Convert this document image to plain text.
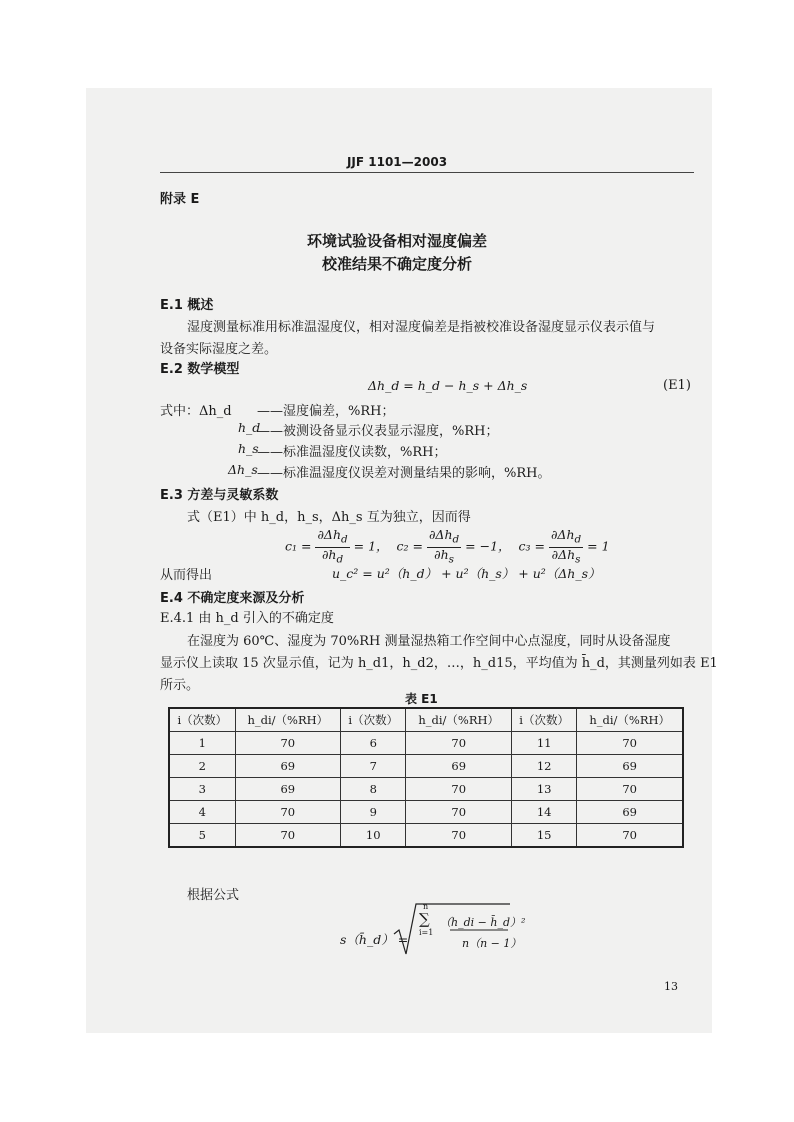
JJF 1101—2003
附录 E
环境试验设备相对湿度偏差
校准结果不确定度分析
E.1 概述
湿度测量标准用标准温湿度仪，相对湿度偏差是指被校准设备湿度显示仪表示值与
设备实际湿度之差。
E.2 数学模型
Δh_d = h_d − h_s + Δh_s	(E1)
式中：Δh_d ——湿度偏差，%RH；
h_d
——被测设备显示仪表显示湿度，%RH；
h_s
——标准温湿度仪读数，%RH；
Δh_s ——标准温湿度仪误差对测量结果的影响，%RH。
E.3 方差与灵敏系数
式（E1）中 h_d，h_s，Δh_s 互为独立，因而得
$c_1 = \frac{\partial\Delta h_d}{\partial h_d} = 1$， $c_2 = \frac{\partial\Delta h_d}{\partial h_s} = -1$， $c_3 = \frac{\partial\Delta h_d}{\partial\Delta h_s} = 1$
从而得出	u_c² = u²（h_d） + u²（h_s） + u²（Δh_s）
E.4 不确定度来源及分析
E.4.1 由 h_d 引入的不确定度
在湿度为 60℃、湿度为 70%RH 测量湿热箱工作空间中心点湿度，同时从设备湿度
显示仪上读取 15 次显示值，记为 h_d1，h_d2，…，h_d15，平均值为 h̄_d，其测量列如表 E1
所示。
表 E1
i（次数）	h_di/（%RH）	i（次数）	h_di/（%RH）	i（次数）	h_di/（%RH）
1	70	6	70	11	70
2	69	7	69	12	69
3	69	8	70	13	70
4	70	9	70	14	69
5	70	10	70	15	70
根据公式
s（h̄_d） =
n
∑
i=1
（h_di − h̄_d）²
n（n − 1）
13
